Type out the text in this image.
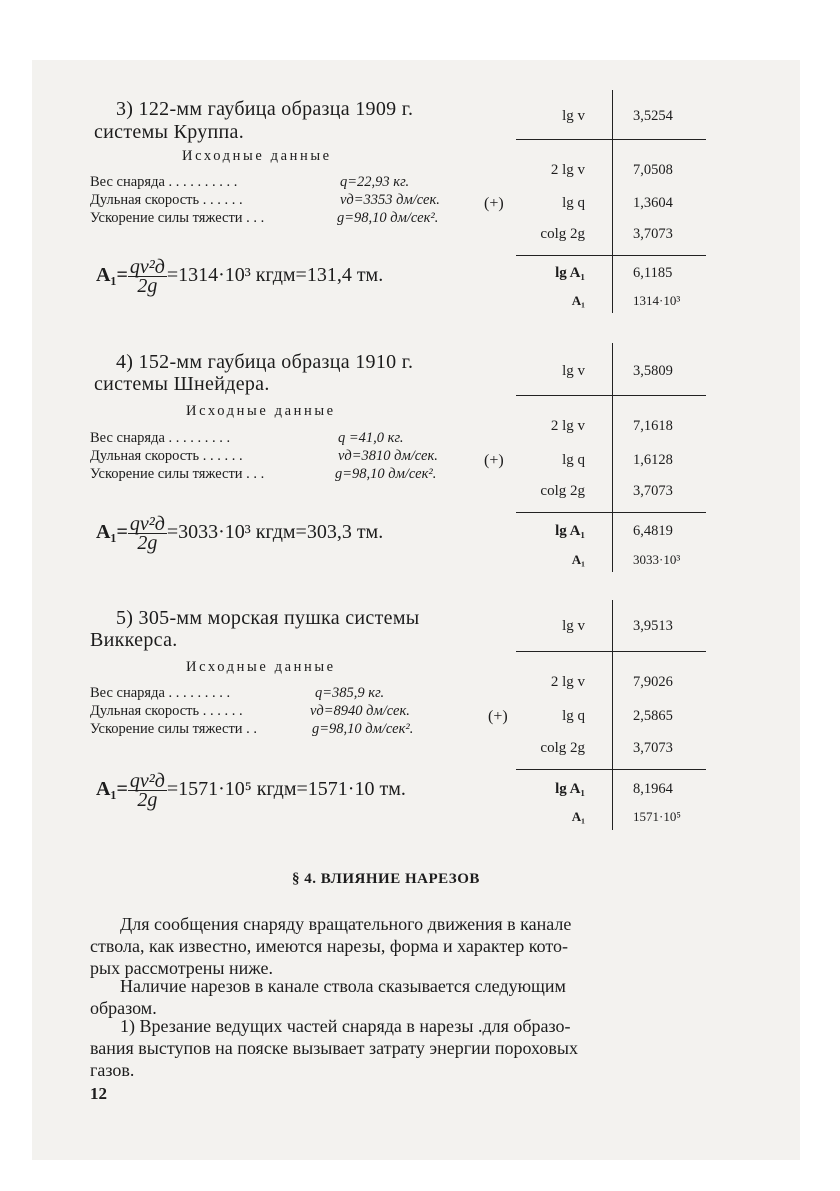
3) 122-мм гаубица образца 1909 г.
системы Круппа.
Исходные данные
Вес снаряда . . . . . . . . . .	q=22,93 кг.
Дульная скорость . . . . . .	vд=3353 дм/сек.
Ускорение силы тяжести . . .	g=98,10 дм/сек².
$A_1= \frac{\text{qv²д}}{2g} =1314\cdot 10^3$ кгдм=131,4 тм.
lg v	3,5254
2 lg v	7,0508
(+)	lg q	1,3604
colg 2g	3,7073
lg A₁	6,1185
A₁	1314·10³
4) 152-мм гаубица образца 1910 г.
системы Шнейдера.
Исходные данные
Вес снаряда . . . . . . . . .	q =41,0 кг.
Дульная скорость . . . . . .	vд=3810 дм/сек.
Ускорение силы тяжести . . .	g=98,10 дм/сек².
$A_1= \frac{\text{qv²д}}{2g} =3033\cdot 10^3$ кгдм=303,3 тм.
lg v	3,5809
2 lg v	7,1618
(+)	lg q	1,6128
colg 2g	3,7073
lg A₁	6,4819
A₁	3033·10³
5) 305-мм морская пушка системы
Виккерса.
Исходные данные
Вес снаряда . . . . . . . . .	q=385,9 кг.
Дульная скорость . . . . . .	vд=8940 дм/сек.
Ускорение силы тяжести . .	g=98,10 дм/сек².
$A_1= \frac{\text{qv²д}}{2g} =1571\cdot 10^5$ кгдм=1571·10 тм.
lg v	3,9513
2 lg v	7,9026
(+)	lg q	2,5865
colg 2g	3,7073
lg A₁	8,1964
A₁	1571·10⁵
§ 4. ВЛИЯНИЕ НАРЕЗОВ
Для сообщения снаряду вращательного движения в канале
ствола, как известно, имеются нарезы, форма и характер кото-
рых рассмотрены ниже.
Наличие нарезов в канале ствола сказывается следующим
образом.
1) Врезание ведущих частей снаряда в нарезы .для образо-
вания выступов на пояске вызывает затрату энергии пороховых
газов.
12
